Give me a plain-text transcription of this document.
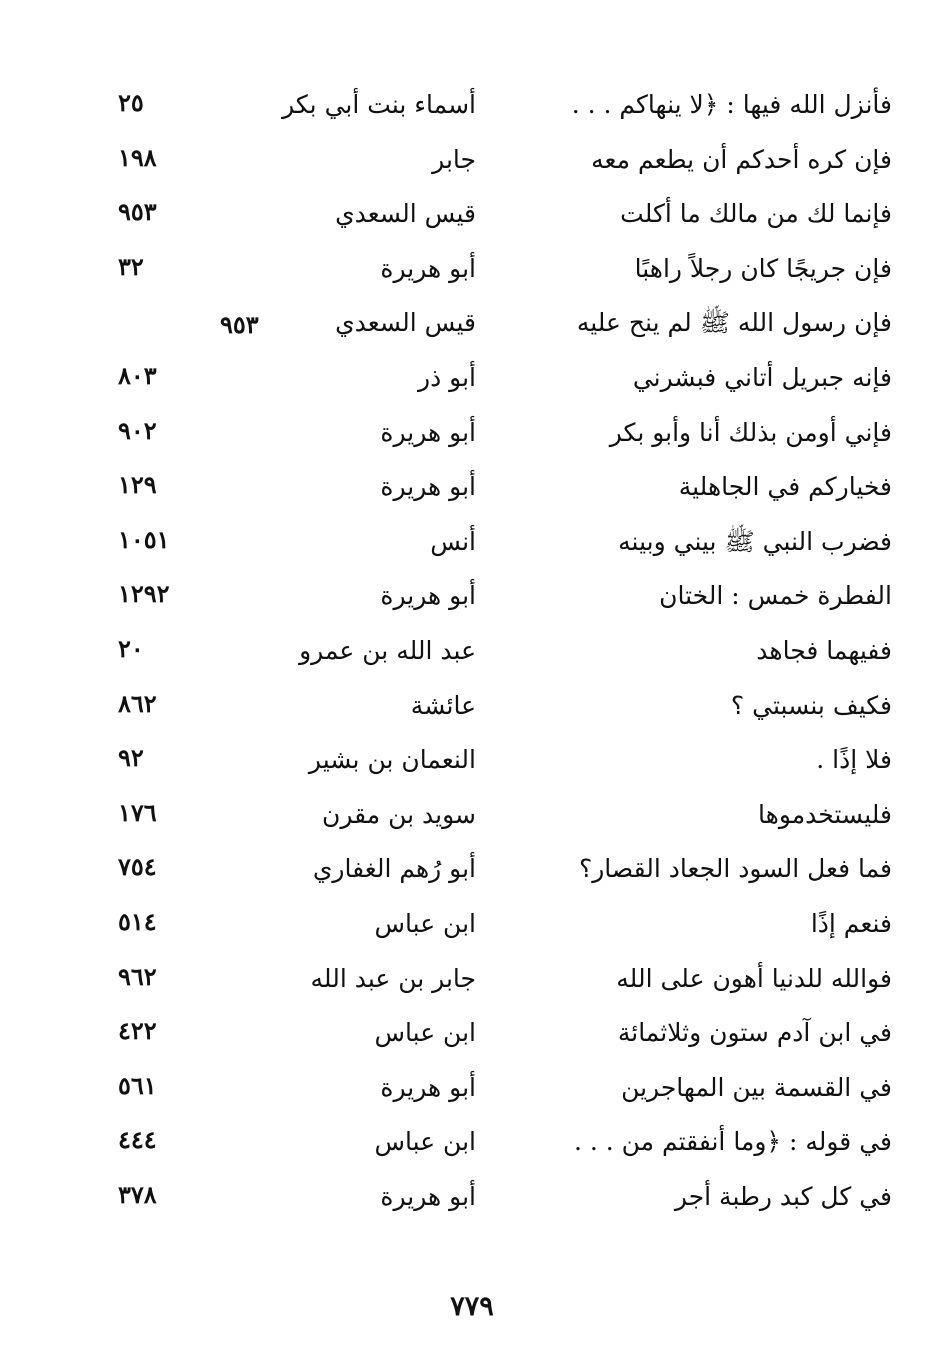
فأنزل الله فيها : ﴿لا ينهاكم . . .
أسماء بنت أبي بكر
٢٥
فإن كره أحدكم أن يطعم معه
جابر
١٩٨
فإنما لك من مالك ما أكلت
قيس السعدي
٩٥٣
فإن جريجًا كان رجلاً راهبًا
أبو هريرة
٣٢
فإن رسول الله ﷺ لم ينح عليه
قيس السعدي
٩٥٣
فإنه جبريل أتاني فبشرني
أبو ذر
٨٠٣
فإني أومن بذلك أنا وأبو بكر
أبو هريرة
٩٠٢
فخياركم في الجاهلية
أبو هريرة
١٢٩
فضرب النبي ﷺ بيني وبينه
أنس
١٠٥١
الفطرة خمس : الختان
أبو هريرة
١٢٩٢
ففيهما فجاهد
عبد الله بن عمرو
٢٠
فكيف بنسبتي ؟
عائشة
٨٦٢
فلا إذًا .
النعمان بن بشير
٩٢
فليستخدموها
سويد بن مقرن
١٧٦
فما فعل السود الجعاد القصار؟
أبو رُهم الغفاري
٧٥٤
فنعم إذًا
ابن عباس
٥١٤
فوالله للدنيا أهون على الله
جابر بن عبد الله
٩٦٢
في ابن آدم ستون وثلاثمائة
ابن عباس
٤٢٢
في القسمة بين المهاجرين
أبو هريرة
٥٦١
في قوله : ﴿وما أنفقتم من . . .
ابن عباس
٤٤٤
في كل كبد رطبة أجر
أبو هريرة
٣٧٨
٧٧٩
